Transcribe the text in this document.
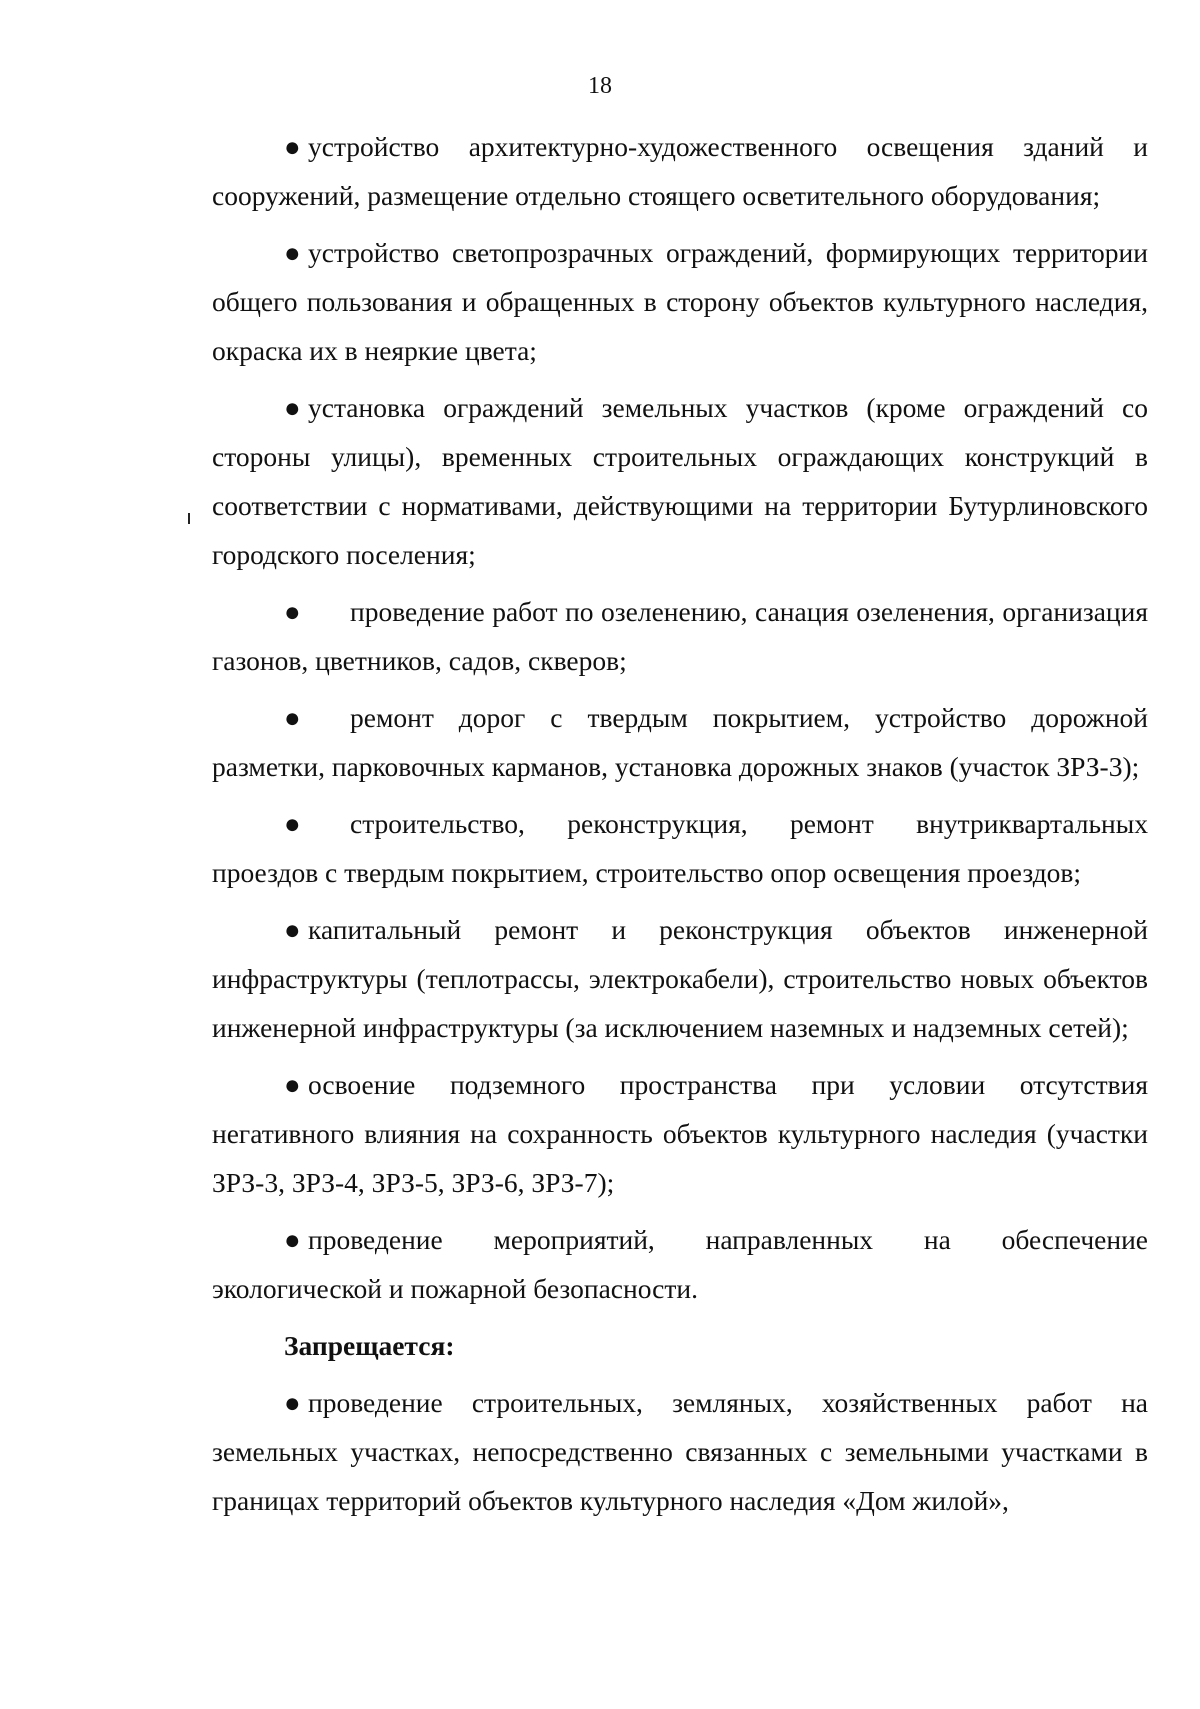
18

● устройство архитектурно-художественного освещения зданий и сооружений, размещение отдельно стоящего осветительного оборудования;

● устройство светопрозрачных ограждений, формирующих территории общего пользования и обращенных в сторону объектов культурного наследия, окраска их в неяркие цвета;

● установка ограждений земельных участков (кроме ограждений со стороны улицы), временных строительных ограждающих конструкций в соответствии с нормативами, действующими на территории Бутурлиновского городского поселения;

● проведение работ по озеленению, санация озеленения, организация газонов, цветников, садов, скверов;

● ремонт дорог с твердым покрытием, устройство дорожной разметки, парковочных карманов, установка дорожных знаков (участок ЗРЗ-3);

● строительство, реконструкция, ремонт внутриквартальных проездов с твердым покрытием, строительство опор освещения проездов;

● капитальный ремонт и реконструкция объектов инженерной инфраструктуры (теплотрассы, электрокабели), строительство новых объектов инженерной инфраструктуры (за исключением наземных и надземных сетей);

● освоение подземного пространства при условии отсутствия негативного влияния на сохранность объектов культурного наследия (участки ЗРЗ-3, ЗРЗ-4, ЗРЗ-5, ЗРЗ-6, ЗРЗ-7);

● проведение мероприятий, направленных на обеспечение экологической и пожарной безопасности.

Запрещается:

● проведение строительных, земляных, хозяйственных работ на земельных участках, непосредственно связанных с земельными участками в границах территорий объектов культурного наследия «Дом жилой»,
